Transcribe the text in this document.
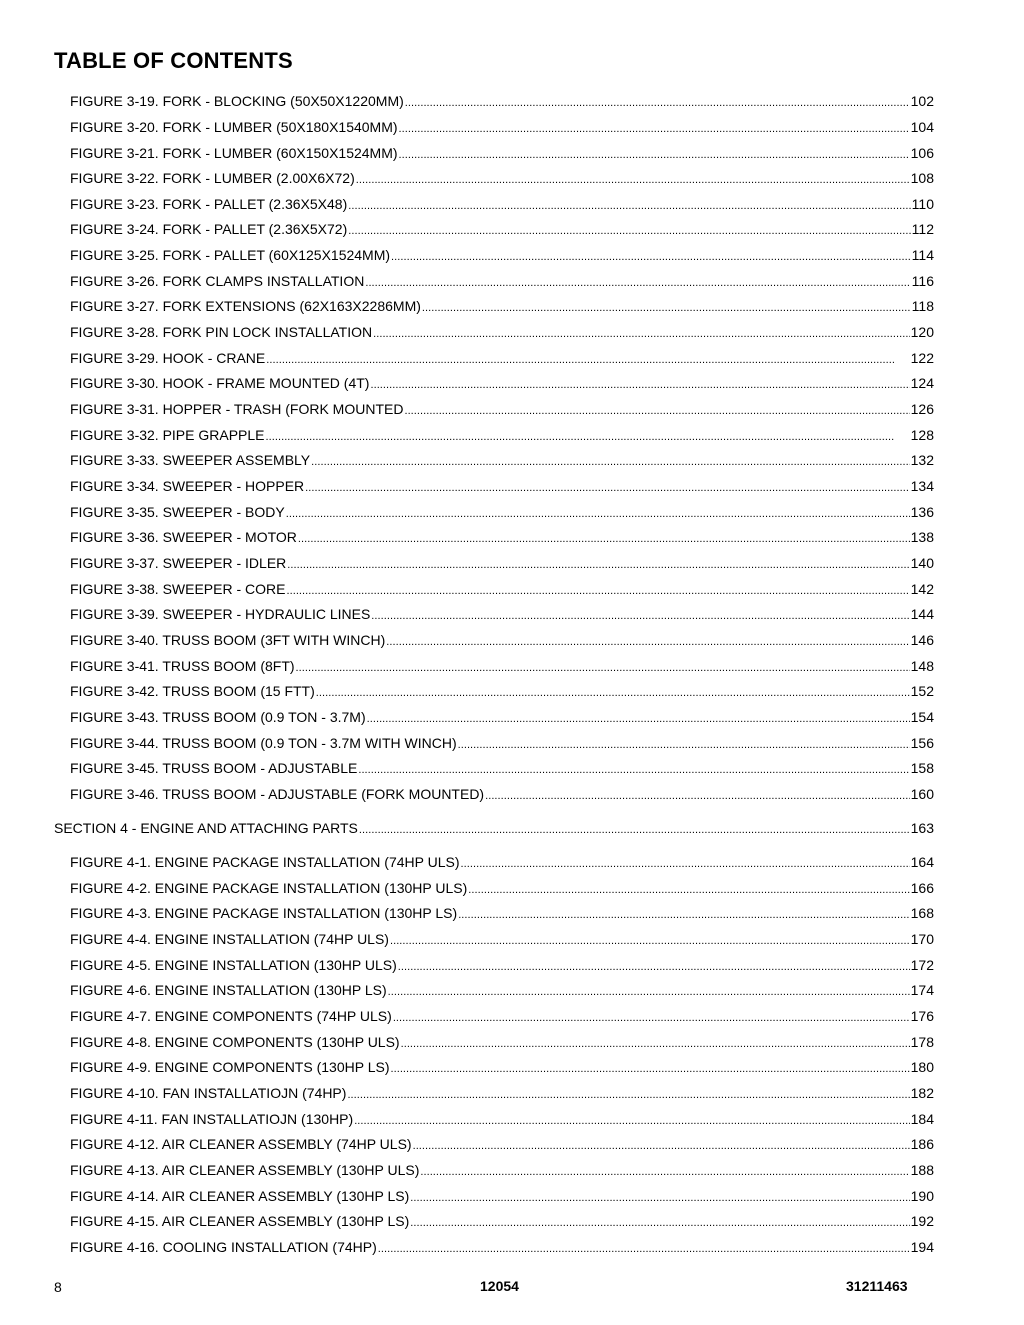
TABLE OF CONTENTS
FIGURE 3-19. FORK - BLOCKING (50X50X1220MM) . . .	102
FIGURE 3-20. FORK - LUMBER (50X180X1540MM) . . .	104
FIGURE 3-21. FORK - LUMBER (60X150X1524MM) . . .	106
FIGURE 3-22. FORK - LUMBER (2.00X6X72) . . .	108
FIGURE 3-23. FORK - PALLET (2.36X5X48) . . .	110
FIGURE 3-24. FORK - PALLET (2.36X5X72) . . .	112
FIGURE 3-25. FORK - PALLET (60X125X1524MM) . . .	114
FIGURE 3-26. FORK CLAMPS INSTALLATION . . .	116
FIGURE 3-27. FORK EXTENSIONS (62X163X2286MM) . . .	118
FIGURE 3-28. FORK PIN LOCK INSTALLATION . . .	120
FIGURE 3-29. HOOK - CRANE . . .	122
FIGURE 3-30. HOOK - FRAME MOUNTED (4T) . . .	124
FIGURE 3-31. HOPPER - TRASH (FORK MOUNTED . . .	126
FIGURE 3-32. PIPE GRAPPLE . . .	128
FIGURE 3-33. SWEEPER ASSEMBLY . . .	132
FIGURE 3-34. SWEEPER - HOPPER . . .	134
FIGURE 3-35. SWEEPER - BODY . . .	136
FIGURE 3-36. SWEEPER - MOTOR . . .	138
FIGURE 3-37. SWEEPER - IDLER . . .	140
FIGURE 3-38. SWEEPER - CORE . . .	142
FIGURE 3-39. SWEEPER - HYDRAULIC LINES . . .	144
FIGURE 3-40. TRUSS BOOM (3FT WITH WINCH) . . .	146
FIGURE 3-41. TRUSS BOOM (8FT) . . .	148
FIGURE 3-42. TRUSS BOOM (15 FTT) . . .	152
FIGURE 3-43. TRUSS BOOM (0.9 TON - 3.7M) . . .	154
FIGURE 3-44. TRUSS BOOM (0.9 TON - 3.7M WITH WINCH) . . .	156
FIGURE 3-45. TRUSS BOOM - ADJUSTABLE . . .	158
FIGURE 3-46. TRUSS BOOM - ADJUSTABLE (FORK MOUNTED) . . .	160
SECTION 4 - ENGINE AND ATTACHING PARTS . . .	163
FIGURE 4-1. ENGINE PACKAGE INSTALLATION (74HP ULS) . . .	164
FIGURE 4-2. ENGINE PACKAGE INSTALLATION (130HP ULS) . . .	166
FIGURE 4-3. ENGINE PACKAGE INSTALLATION (130HP LS) . . .	168
FIGURE 4-4. ENGINE INSTALLATION (74HP ULS) . . .	170
FIGURE 4-5. ENGINE INSTALLATION (130HP ULS) . . .	172
FIGURE 4-6. ENGINE INSTALLATION (130HP LS) . . .	174
FIGURE 4-7. ENGINE COMPONENTS (74HP ULS) . . .	176
FIGURE 4-8. ENGINE COMPONENTS (130HP ULS) . . .	178
FIGURE 4-9. ENGINE COMPONENTS (130HP LS) . . .	180
FIGURE 4-10. FAN INSTALLATIOJN (74HP) . . .	182
FIGURE 4-11. FAN INSTALLATIOJN (130HP) . . .	184
FIGURE 4-12. AIR CLEANER ASSEMBLY (74HP ULS) . . .	186
FIGURE 4-13. AIR CLEANER ASSEMBLY (130HP ULS) . . .	188
FIGURE 4-14. AIR CLEANER ASSEMBLY (130HP LS) . . .	190
FIGURE 4-15. AIR CLEANER ASSEMBLY (130HP LS) . . .	192
FIGURE 4-16. COOLING INSTALLATION (74HP) . . .	194
8	12054	31211463
